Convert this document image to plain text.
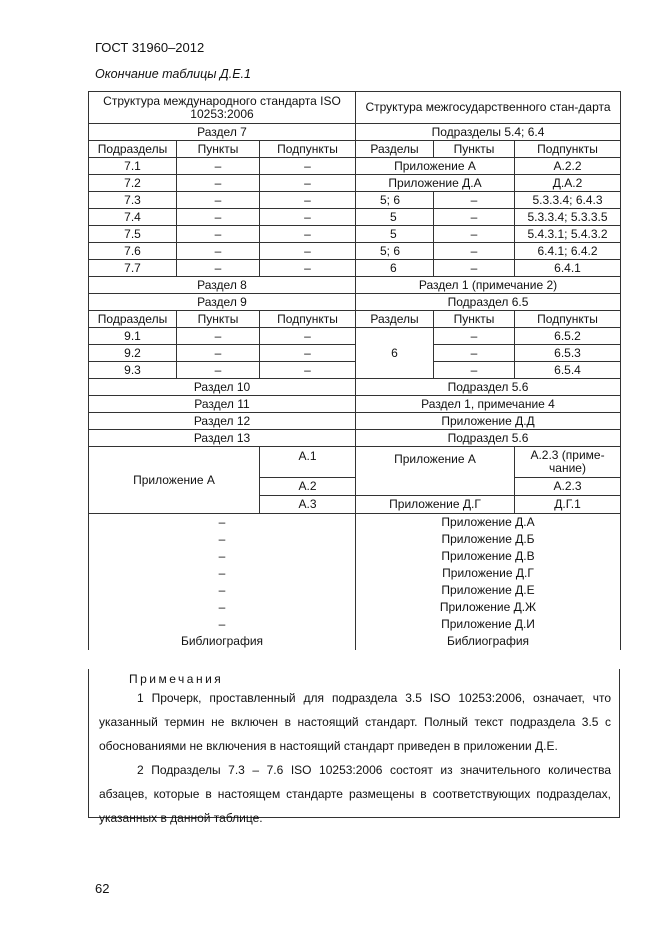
ГОСТ 31960–2012
Окончание таблицы Д.Е.1
Структура международного стандарта ISO 10253:2006			Структура межгосударственного стан-дарта		
Раздел 7			Подразделы 5.4; 6.4		
Подразделы	Пункты	Подпункты	Разделы	Пункты	Подпункты
7.1	–	–	Приложение А		А.2.2
7.2	–	–	Приложение Д.А		Д.А.2
7.3	–	–	5; 6	–	5.3.3.4; 6.4.3
7.4	–	–	5	–	5.3.3.4; 5.3.3.5
7.5	–	–	5	–	5.4.3.1; 5.4.3.2
7.6	–	–	5; 6	–	6.4.1; 6.4.2
7.7	–	–	6	–	6.4.1
Раздел 8			Раздел 1 (примечание 2)		
Раздел 9			Подраздел 6.5		
Подразделы	Пункты	Подпункты	Разделы	Пункты	Подпункты
9.1	–	–	6	–	6.5.2
9.2	–	–		–	6.5.3
9.3	–	–		–	6.5.4
Раздел 10			Подраздел 5.6		
Раздел 11			Раздел 1, примечание 4		
Раздел 12			Приложение Д.Д		
Раздел 13			Подраздел 5.6		
Приложение А		А.1	Приложение А		А.2.3 (приме-чание)
		А.2			А.2.3
		А.3	Приложение Д.Г		Д.Г.1
–			Приложение Д.А		
–			Приложение Д.Б		
–			Приложение Д.В		
–			Приложение Д.Г		
–			Приложение Д.Е		
–			Приложение Д.Ж		
–			Приложение Д.И		
Библиография			Библиография		
Примечания
1 Прочерк, проставленный для подраздела 3.5 ISO 10253:2006, означает, что указанный термин не включен в настоящий стандарт. Полный текст подраздела 3.5 с обоснованиями не включения в настоящий стандарт приведен в приложении Д.Е.
2 Подразделы 7.3 – 7.6 ISO 10253:2006 состоят из значительного количества абзацев, которые в настоящем стандарте размещены в соответствующих подразделах, указанных в данной таблице.
62
